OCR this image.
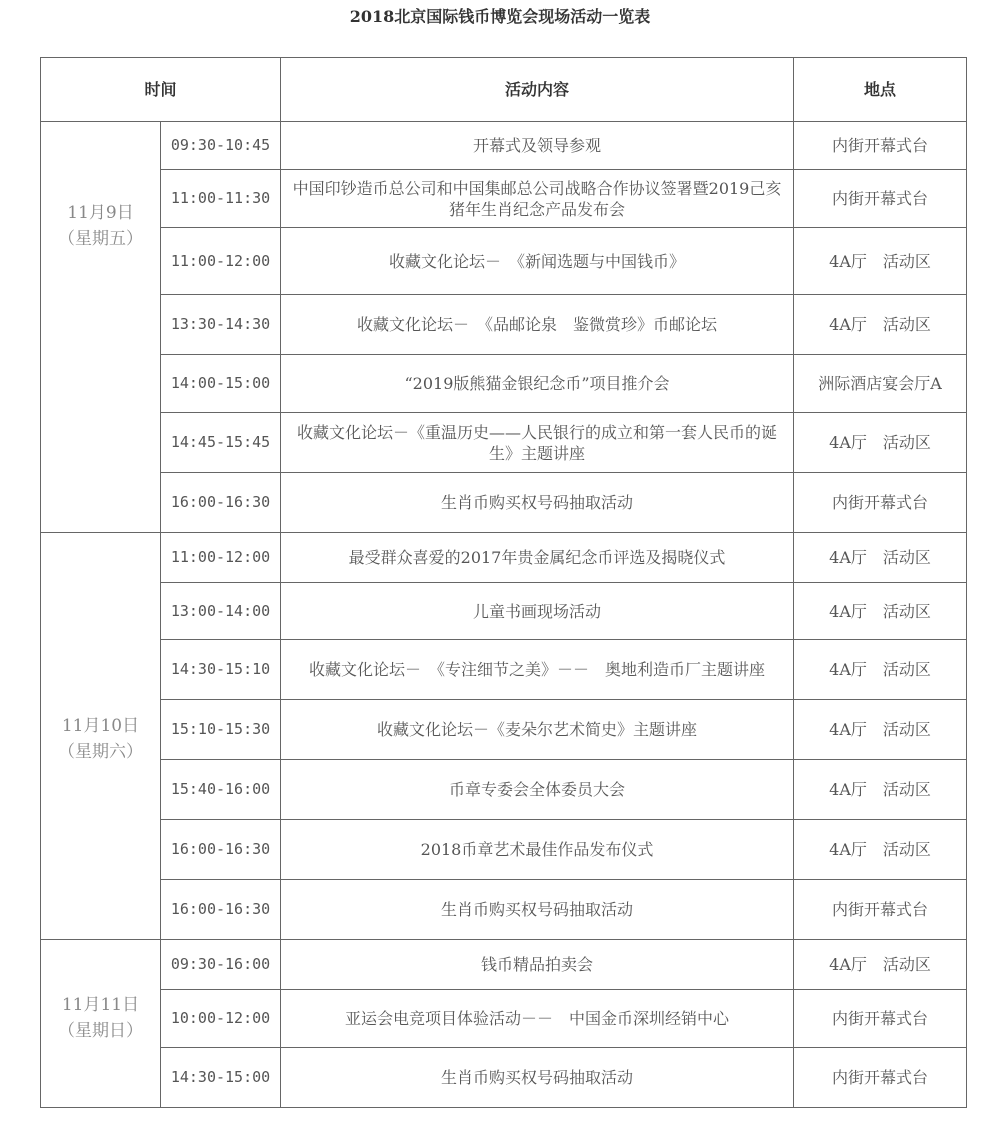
2018北京国际钱币博览会现场活动一览表
时间		活动内容	地点

11月9日
（星期五）	09:30-10:45	开幕式及领导参观	内街开幕式台
	11:00-11:30	中国印钞造币总公司和中国集邮总公司战略合作协议签署暨2019己亥猪年生肖纪念产品发布会	内街开幕式台
	11:00-12:00	收藏文化论坛－　《新闻选题与中国钱币》	4A厅　活动区
	13:30-14:30	收藏文化论坛－　《品邮论泉　鉴微赏珍》币邮论坛	4A厅　活动区
	14:00-15:00	“2019版熊猫金银纪念币”项目推介会	洲际酒店宴会厅A
	14:45-15:45	收藏文化论坛－《重温历史——人民银行的成立和第一套人民币的诞生》主题讲座	4A厅　活动区
	16:00-16:30	生肖币购买权号码抽取活动	内街开幕式台

11月10日
（星期六）	11:00-12:00	最受群众喜爱的2017年贵金属纪念币评选及揭晓仪式	4A厅　活动区
	13:00-14:00	儿童书画现场活动	4A厅　活动区
	14:30-15:10	收藏文化论坛－　《专注细节之美》－－　奥地利造币厂主题讲座	4A厅　活动区
	15:10-15:30	收藏文化论坛－《麦朵尔艺术简史》主题讲座	4A厅　活动区
	15:40-16:00	币章专委会全体委员大会	4A厅　活动区
	16:00-16:30	2018币章艺术最佳作品发布仪式	4A厅　活动区
	16:00-16:30	生肖币购买权号码抽取活动	内街开幕式台

11月11日
（星期日）	09:30-16:00	钱币精品拍卖会	4A厅　活动区
	10:00-12:00	亚运会电竞项目体验活动－－　中国金币深圳经销中心	内街开幕式台
	14:30-15:00	生肖币购买权号码抽取活动	内街开幕式台
